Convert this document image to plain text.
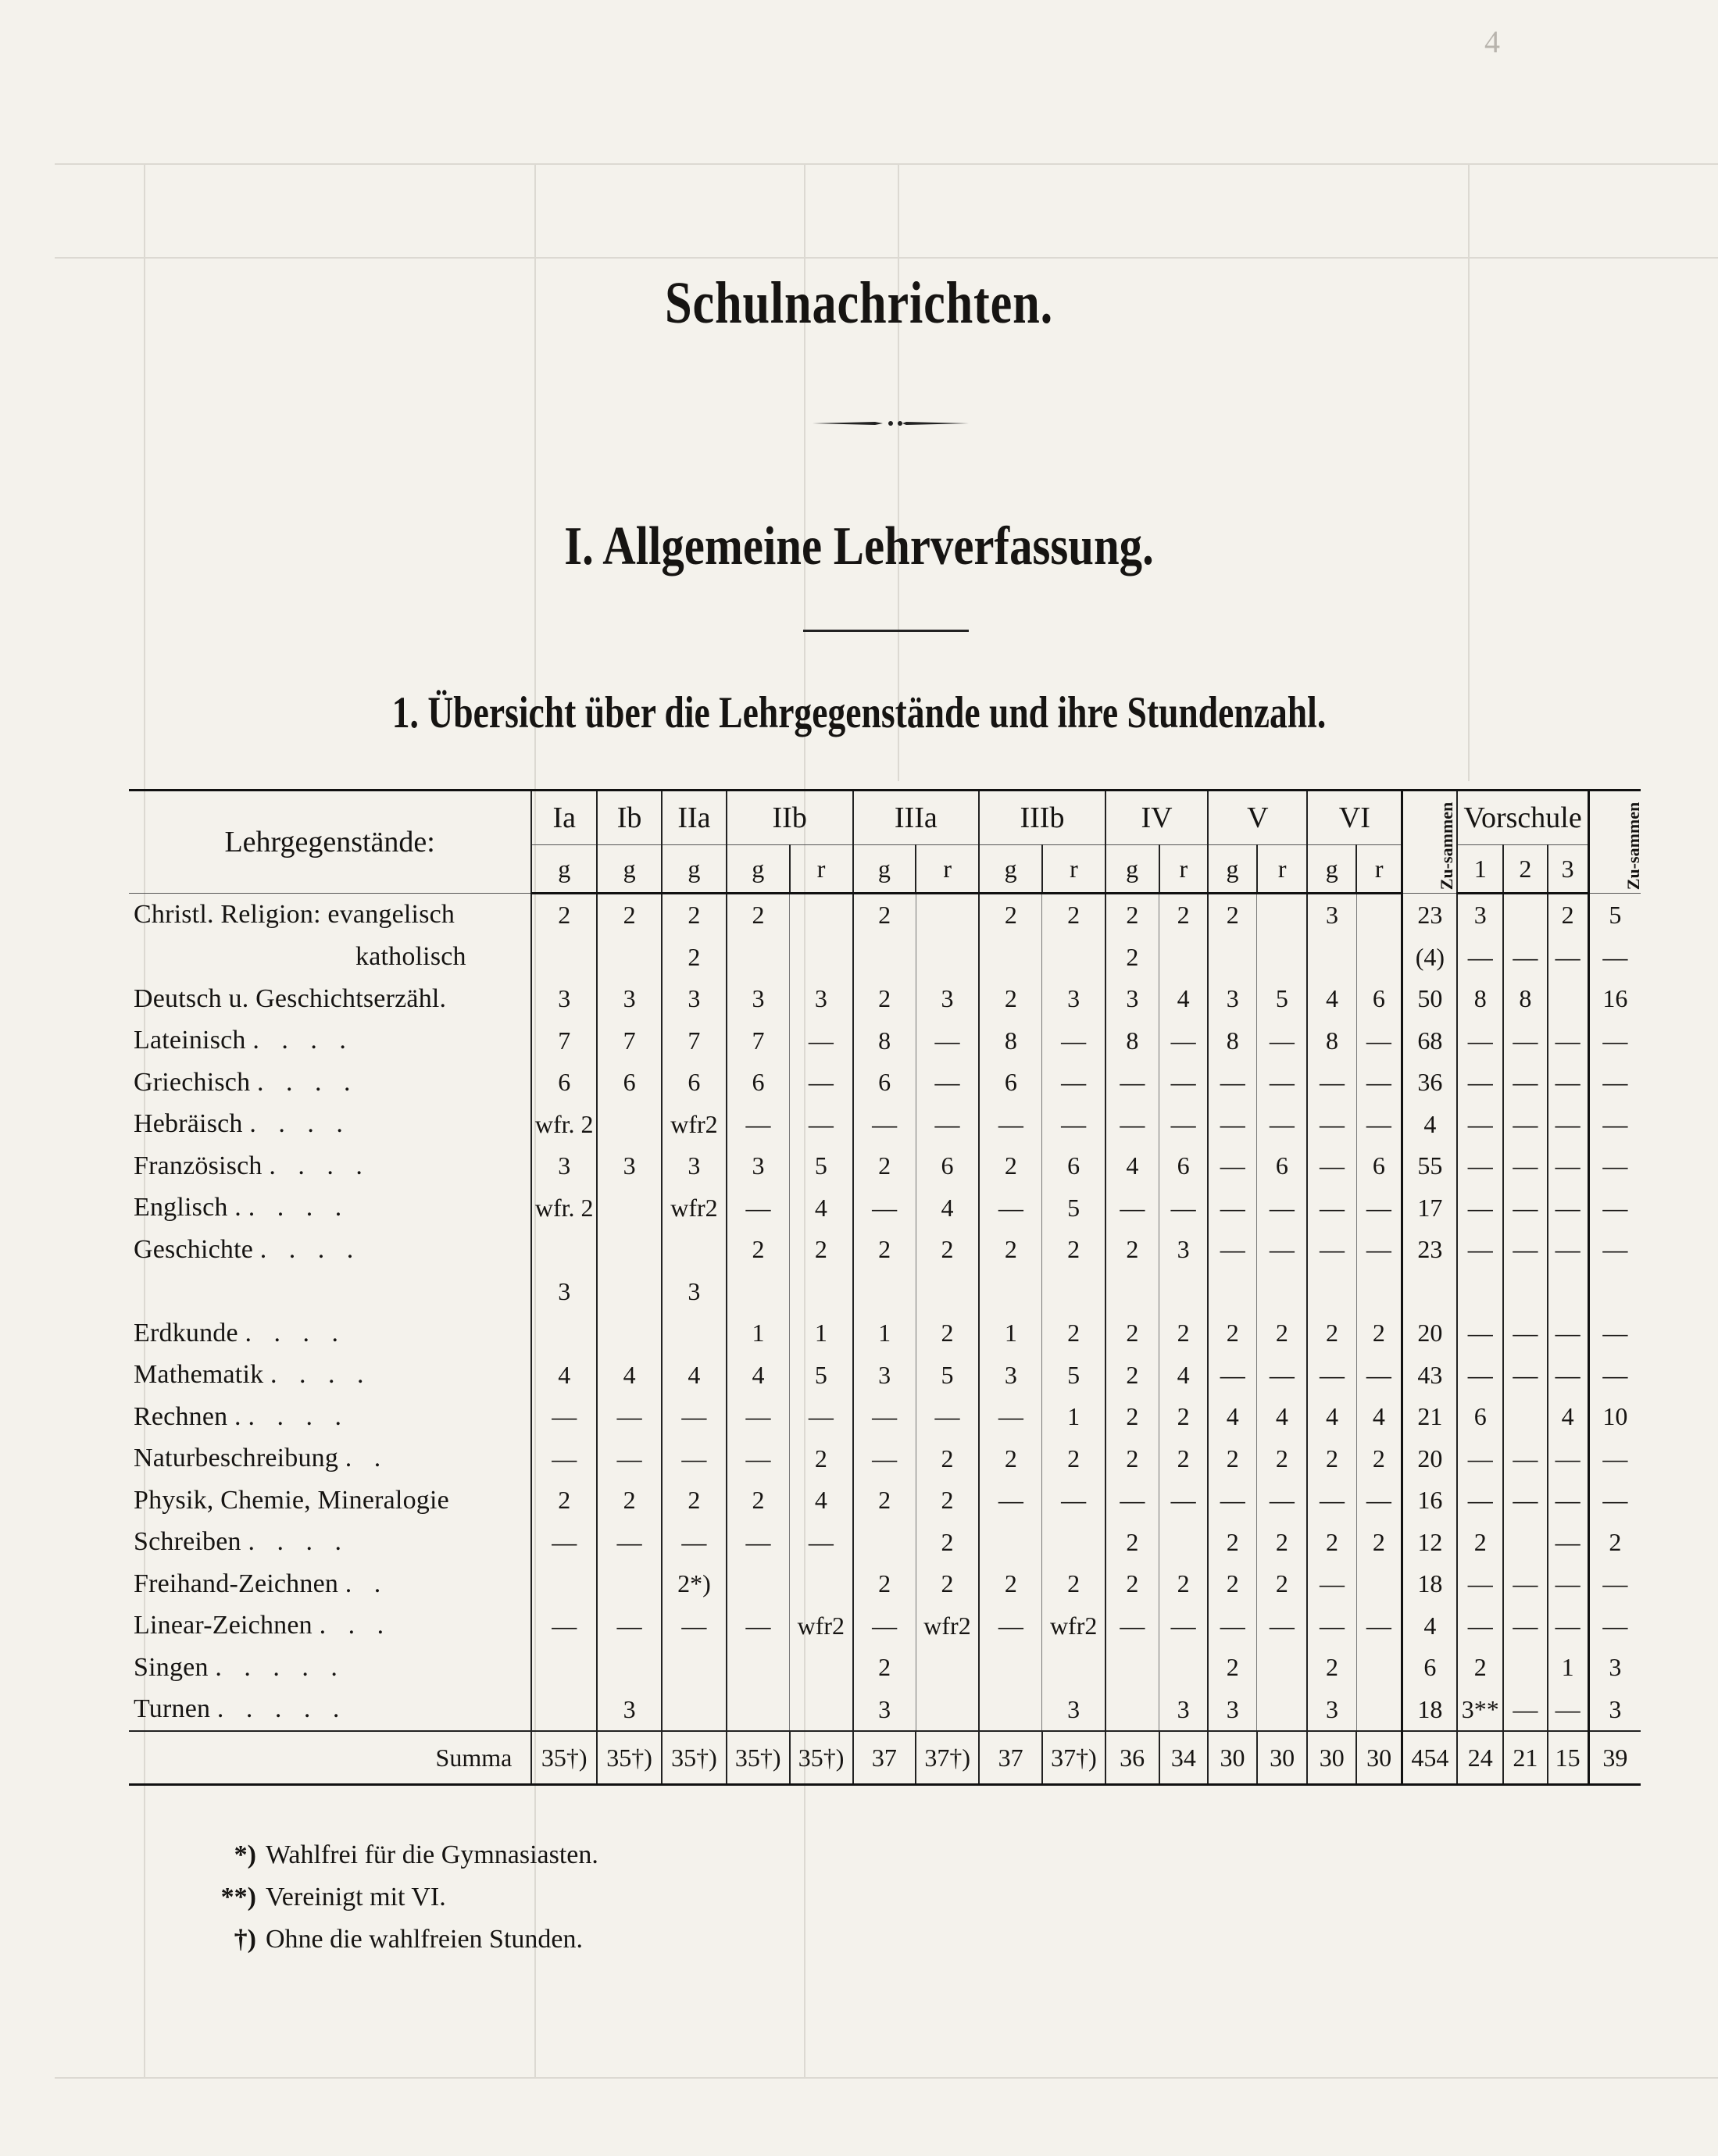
4
Schulnachrichten.
I. Allgemeine Lehrverfassung.
1. Übersicht über die Lehrgegenstände und ihre Stundenzahl.
Lehrgegenstände:	Ia	Ib	IIa	IIb		IIIa		IIIb		IV		V		VI		Zu-sammen	Vorschule			Zu-sammen
	g	g	g	g	r	g	r	g	r	g	r	g	r	g	r		1	2	3	
Christl. Religion: evangelisch	2	2	2	2		2		2	2	2	2	2		3		23	3		2	5
katholisch			2							2						(4)	—	—	—	—
Deutsch u. Geschichtserzähl.	3	3	3	3	3	2	3	2	3	3	4	3	5	4	6	50	8	8		16
Lateinisch . . . .	7	7	7	7	—	8	—	8	—	8	—	8	—	8	—	68	—	—	—	—
Griechisch . . . .	6	6	6	6	—	6	—	6	—	—	—	—	—	—	—	36	—	—	—	—
Hebräisch . . . .	wfr. 2		wfr2	—	—	—	—	—	—	—	—	—	—	—	—	4	—	—	—	—
Französisch . . . .	3	3	3	3	5	2	6	2	6	4	6	—	6	—	6	55	—	—	—	—
Englisch . . . . .	wfr. 2		wfr2	—	4	—	4	—	5	—	—	—	—	—	—	17	—	—	—	—
Geschichte . . . .				2	2	2	2	2	2	2	3	—	—	—	—	23	—	—	—	—
	3		3																	
Erdkunde . . . .				1	1	1	2	1	2	2	2	2	2	2	2	20	—	—	—	—
Mathematik . . . .	4	4	4	4	5	3	5	3	5	2	4	—	—	—	—	43	—	—	—	—
Rechnen . . . . .	—	—	—	—	—	—	—	—	1	2	2	4	4	4	4	21	6		4	10
Naturbeschreibung . .	—	—	—	—	2	—	2	2	2	2	2	2	2	2	2	20	—	—	—	—
Physik, Chemie, Mineralogie	2	2	2	2	4	2	2	—	—	—	—	—	—	—	—	16	—	—	—	—
Schreiben . . . .	—	—	—	—	—		2			2		2	2	2	2	12	2		—	2
Freihand-Zeichnen . .			2*)			2	2	2	2	2	2	2	2	—		18	—	—	—	—
Linear-Zeichnen . . .	—	—	—	—	wfr2	—	wfr2	—	wfr2	—	—	—	—	—	—	4	—	—	—	—
Singen . . . . .						2						2		2		6	2		1	3
Turnen . . . . .		3				3			3		3	3		3		18	3**	—	—	3
Summa	35†)	35†)	35†)	35†)	35†)	37	37†)	37	37†)	36	34	30	30	30	30	454	24	21	15	39
*) Wahlfrei für die Gymnasiasten.
**) Vereinigt mit VI.
†) Ohne die wahlfreien Stunden.
